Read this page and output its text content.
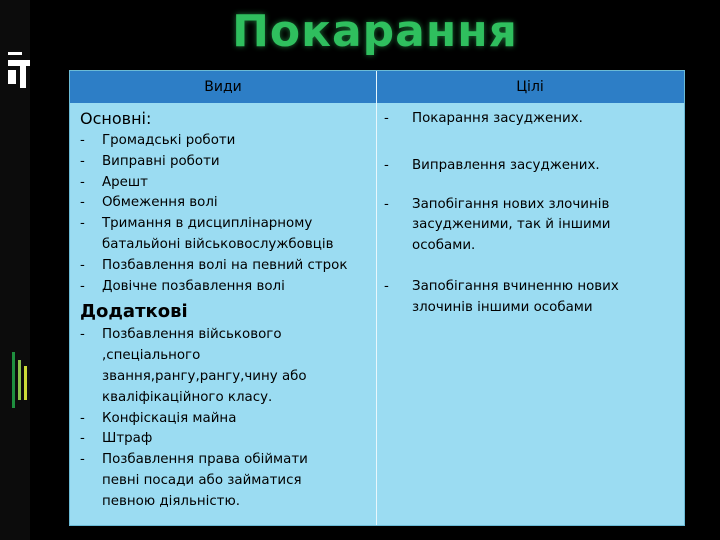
Покарання
Види	Цілі
Основні:
- Громадські роботи
- Виправні роботи
- Арешт
- Обмеження волі
- Тримання в дисциплінарному батальйоні військовослужбовців
- Позбавлення волі на певний строк
- Довічне позбавлення волі
Додаткові
- Позбавлення військового ,спеціального звання,рангу,рангу,чину або кваліфікаційного класу.
- Конфіскація майна
- Штраф
- Позбавлення права обіймати певні посади або займатися певною діяльністю.
- Покарання засуджених.
- Виправлення засуджених.
- Запобігання нових злочинів засудженими, так й іншими особами.
- Запобігання вчиненню нових злочинів іншими особами
